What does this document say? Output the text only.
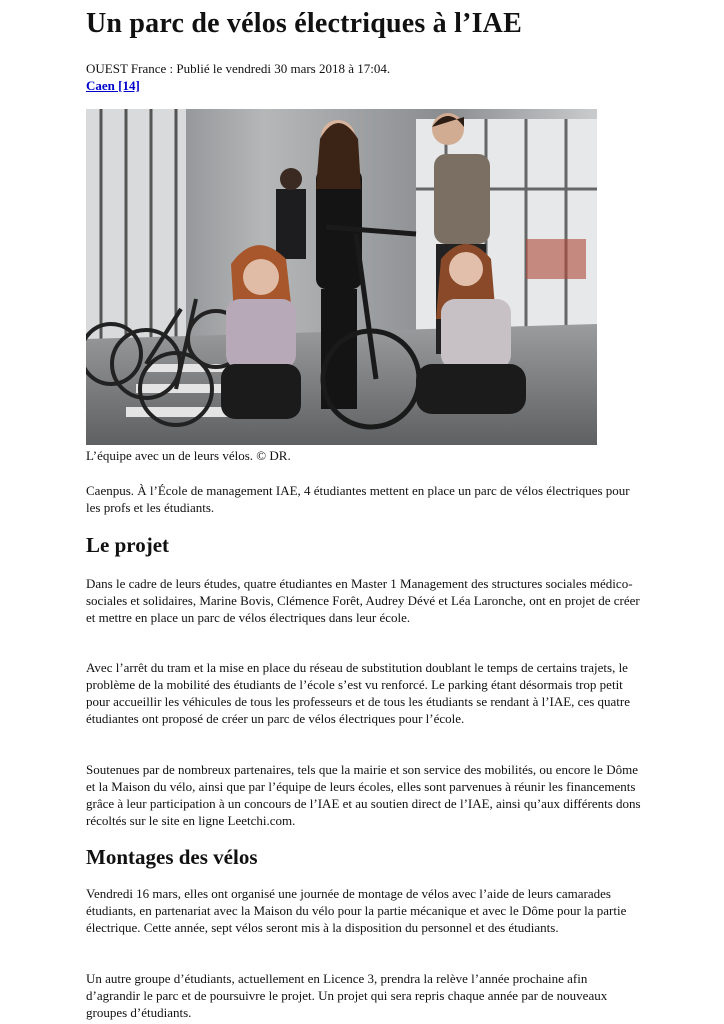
Un parc de vélos électriques à l’IAE
OUEST France : Publié le vendredi 30 mars 2018 à 17:04.
Caen [14]
L’équipe avec un de leurs vélos. © DR.

Caenpus. À l’École de management IAE, 4 étudiantes mettent en place un parc de vélos électriques pour les profs et les étudiants.

Le projet

Dans le cadre de leurs études, quatre étudiantes en Master 1 Management des structures sociales médico-sociales et solidaires, Marine Bovis, Clémence Forêt, Audrey Dévé et Léa Laronche, ont en projet de créer et mettre en place un parc de vélos électriques dans leur école.

Avec l’arrêt du tram et la mise en place du réseau de substitution doublant le temps de certains trajets, le problème de la mobilité des étudiants de l’école s’est vu renforcé. Le parking étant désormais trop petit pour accueillir les véhicules de tous les professeurs et de tous les étudiants se rendant à l’IAE, ces quatre étudiantes ont proposé de créer un parc de vélos électriques pour l’école.

Soutenues par de nombreux partenaires, tels que la mairie et son service des mobilités, ou encore le Dôme et la Maison du vélo, ainsi que par l’équipe de leurs écoles, elles sont parvenues à réunir les financements grâce à leur participation à un concours de l’IAE et au soutien direct de l’IAE, ainsi qu’aux différents dons récoltés sur le site en ligne Leetchi.com.

Montages des vélos

Vendredi 16 mars, elles ont organisé une journée de montage de vélos avec l’aide de leurs camarades étudiants, en partenariat avec la Maison du vélo pour la partie mécanique et avec le Dôme pour la partie électrique. Cette année, sept vélos seront mis à la disposition du personnel et des étudiants.

Un autre groupe d’étudiants, actuellement en Licence 3, prendra la relève l’année prochaine afin d’agrandir le parc et de poursuivre le projet. Un projet qui sera repris chaque année par de nouveaux groupes d’étudiants.
